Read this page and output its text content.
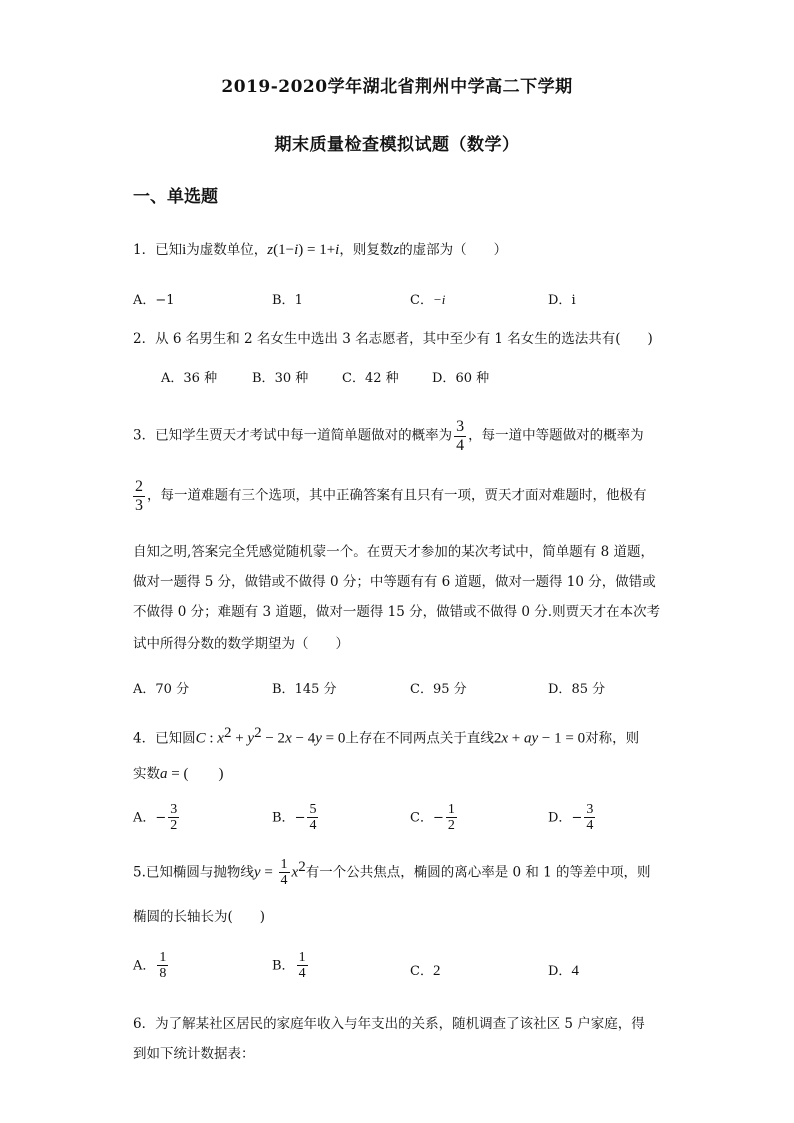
2019-2020学年湖北省荆州中学高二下学期
期末质量检查模拟试题（数学）
一、单选题
1．已知i为虚数单位，z(1−i) = 1+i，则复数z的虚部为（　　）
A．−1	B．1	C．−i	D．i
2．从 6 名男生和 2 名女生中选出 3 名志愿者，其中至少有 1 名女生的选法共有(　　)
A．36 种	B．30 种	C．42 种	D．60 种
3．已知学生贾天才考试中每一道简单题做对的概率为 $\frac{3}{4}$ ，每一道中等题做对的概率为
$\frac{2}{3}$ ，每一道难题有三个选项，其中正确答案有且只有一项，贾天才面对难题时，他极有
自知之明,答案完全凭感觉随机蒙一个。在贾天才参加的某次考试中，简单题有 8 道题，
做对一题得 5 分，做错或不做得 0 分；中等题有有 6 道题，做对一题得 10 分，做错或
不做得 0 分；难题有 3 道题，做对一题得 15 分，做错或不做得 0 分.则贾天才在本次考
试中所得分数的数学期望为（　　）
A．70 分	B．145 分	C．95 分	D．85 分
4．已知圆C : $x^2 + y^2 - 2x - 4y = 0$上存在不同两点关于直线2x + ay − 1 = 0对称，则
实数a = (　　)
A．− $\frac{3}{2}$	B．− $\frac{5}{4}$	C．− $\frac{1}{2}$	D．− $\frac{3}{4}$
5.已知椭圆与抛物线$y = \frac{1}{4} x^2$有一个公共焦点，椭圆的离心率是 0 和 1 的等差中项，则
椭圆的长轴长为(　　)
A． $\frac{1}{8}$	B． $\frac{1}{4}$	C．2	D．4
6．为了解某社区居民的家庭年收入与年支出的关系，随机调查了该社区 5 户家庭，得
到如下统计数据表：
